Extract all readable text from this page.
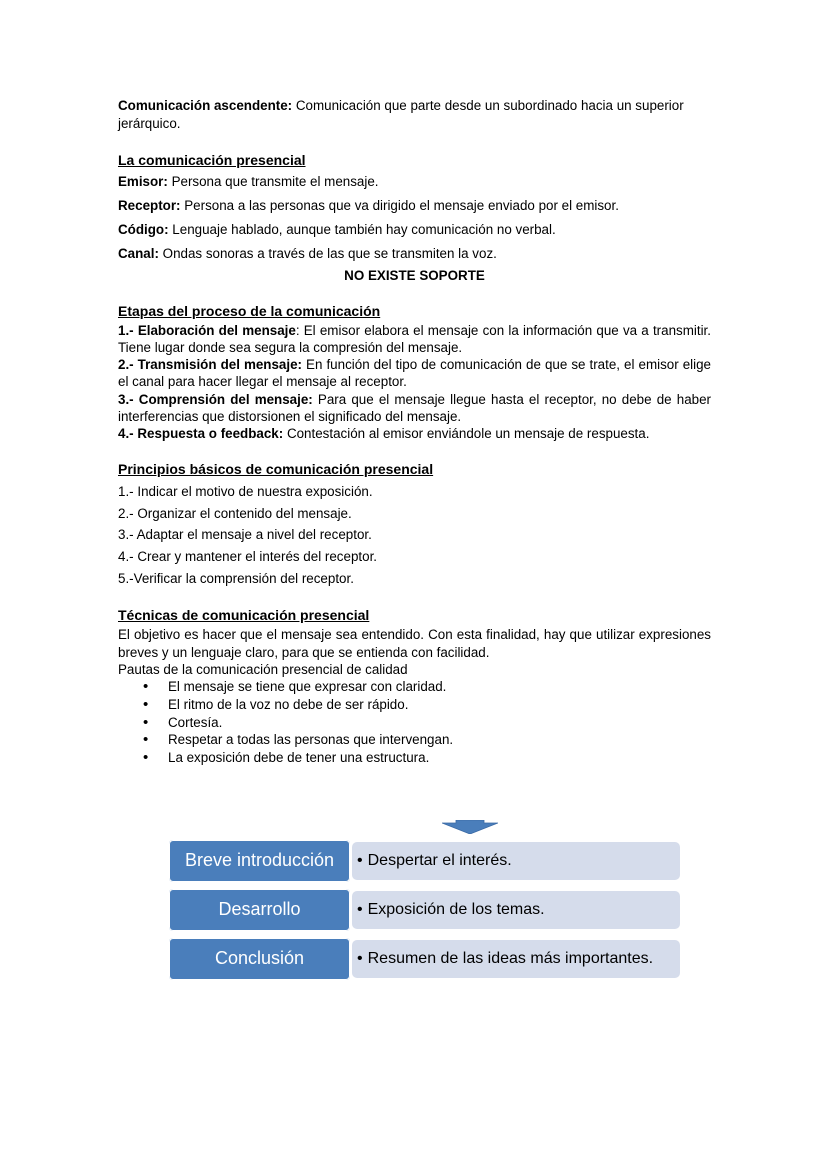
Comunicación ascendente: Comunicación que parte desde un subordinado hacia un superior jerárquico.

La comunicación presencial

Emisor: Persona que transmite el mensaje.

Receptor: Persona a las personas que va dirigido el mensaje enviado por el emisor.

Código: Lenguaje hablado, aunque también hay comunicación no verbal.

Canal: Ondas sonoras a través de las que se transmiten la voz.

NO EXISTE SOPORTE

Etapas del proceso de la comunicación

1.- Elaboración del mensaje: El emisor elabora el mensaje con la información que va a transmitir. Tiene lugar donde sea segura la compresión del mensaje.

2.- Transmisión del mensaje: En función del tipo de comunicación de que se trate, el emisor elige el canal para hacer llegar el mensaje al receptor.

3.- Comprensión del mensaje: Para que el mensaje llegue hasta el receptor, no debe de haber interferencias que distorsionen el significado del mensaje.

4.- Respuesta o feedback: Contestación al emisor enviándole un mensaje de respuesta.

Principios básicos de comunicación presencial

1.- Indicar el motivo de nuestra exposición.

2.- Organizar el contenido del mensaje.

3.- Adaptar el mensaje a nivel del receptor.

4.- Crear y mantener el interés del receptor.

5.-Verificar la comprensión del receptor.

Técnicas de comunicación presencial

El objetivo es hacer que el mensaje sea entendido. Con esta finalidad, hay que utilizar expresiones breves y un lenguaje claro, para que se entienda con facilidad.

Pautas de la comunicación presencial de calidad

• El mensaje se tiene que expresar con claridad.
• El ritmo de la voz no debe de ser rápido.
• Cortesía.
• Respetar a todas las personas que intervengan.
• La exposición debe de tener una estructura.
• Despertar el interés.
Breve introducción
• Exposición de los temas.
Desarrollo
• Resumen de las ideas más importantes.
Conclusión
